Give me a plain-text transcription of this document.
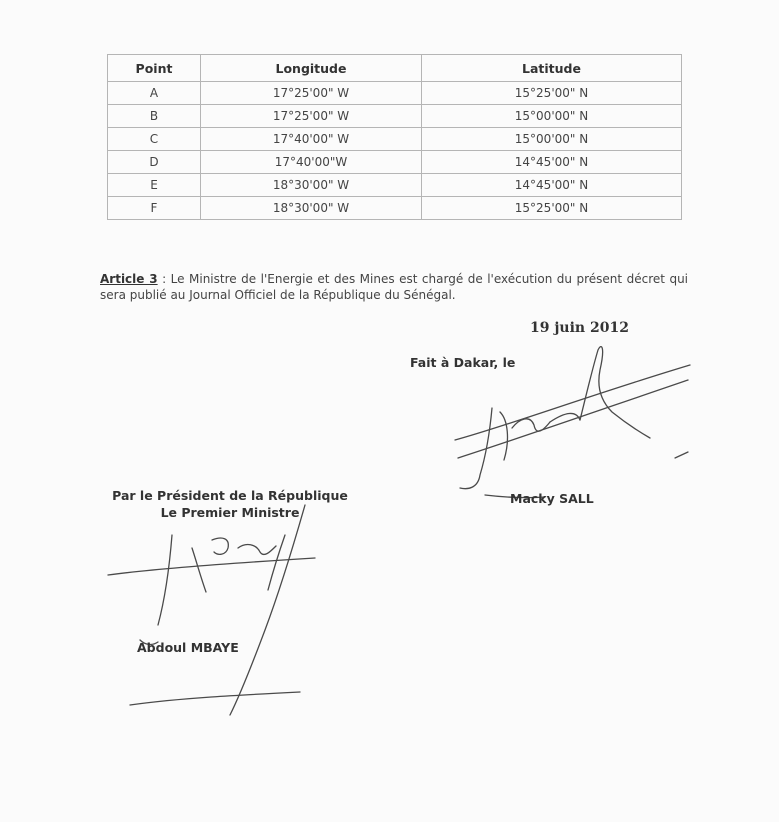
Point	Longitude	Latitude
A	17°25'00" W	15°25'00" N
B	17°25'00" W	15°00'00" N
C	17°40'00" W	15°00'00" N
D	17°40'00"W	14°45'00" N
E	18°30'00" W	14°45'00" N
F	18°30'00" W	15°25'00" N
Article 3 : Le Ministre de l'Energie et des Mines est chargé de l'exécution du présent décret qui sera publié au Journal Officiel de la République du Sénégal.
19 juin 2012
Fait à Dakar, le
Macky SALL
Par le Président de la République
Le Premier Ministre
Abdoul MBAYE
